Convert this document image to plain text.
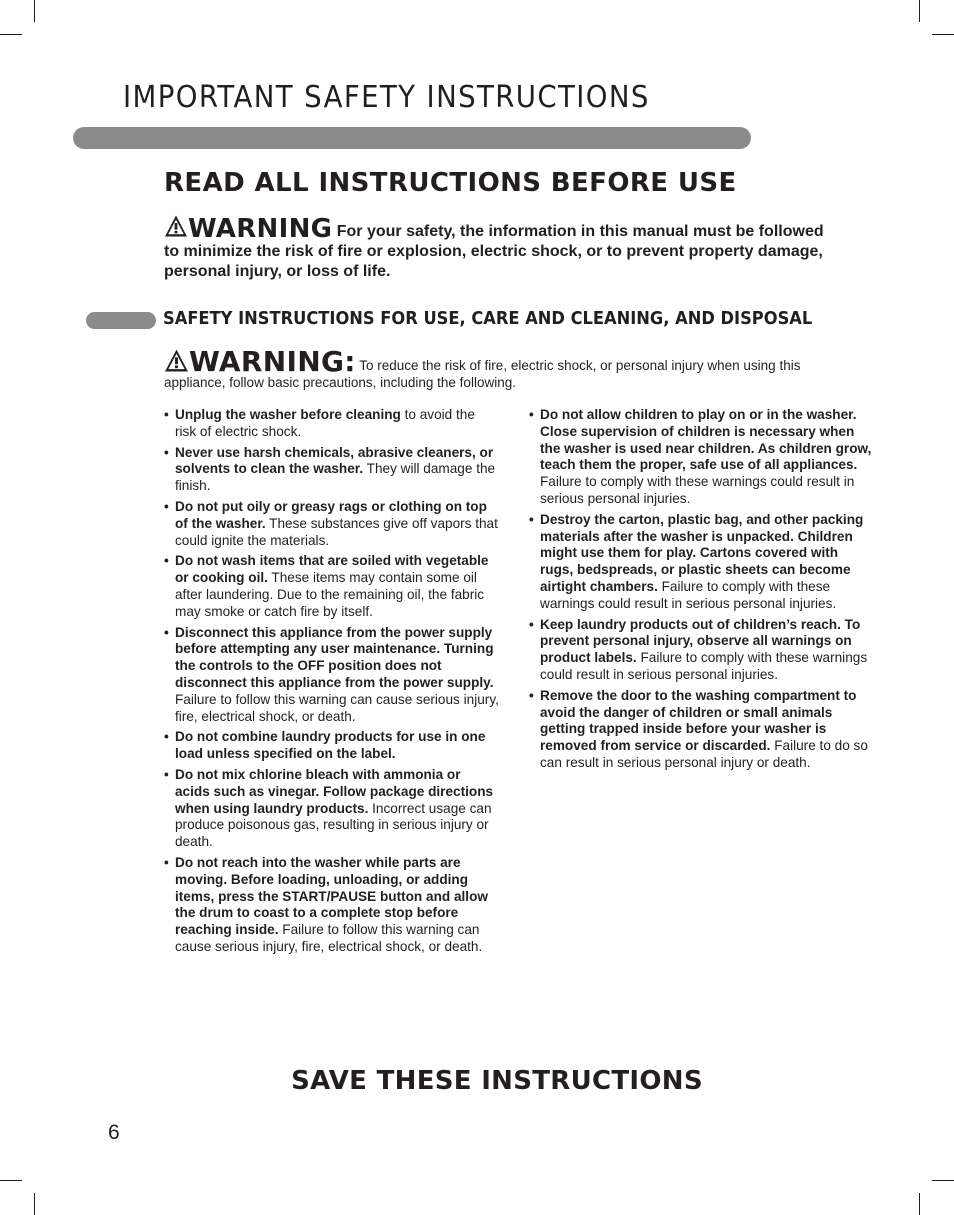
IMPORTANT SAFETY INSTRUCTIONS
READ ALL INSTRUCTIONS BEFORE USE
WARNING For your safety, the information in this manual must be followed to minimize the risk of fire or explosion, electric shock, or to prevent property damage, personal injury, or loss of life.
SAFETY INSTRUCTIONS FOR USE, CARE AND CLEANING, AND DISPOSAL
WARNING: To reduce the risk of fire, electric shock, or personal injury when using this appliance, follow basic precautions, including the following.
• Unplug the washer before cleaning to avoid the risk of electric shock.
• Never use harsh chemicals, abrasive cleaners, or solvents to clean the washer. They will damage the finish.
• Do not put oily or greasy rags or clothing on top of the washer. These substances give off vapors that could ignite the materials.
• Do not wash items that are soiled with vegetable or cooking oil. These items may contain some oil after laundering. Due to the remaining oil, the fabric may smoke or catch fire by itself.
• Disconnect this appliance from the power supply before attempting any user maintenance. Turning the controls to the OFF position does not disconnect this appliance from the power supply. Failure to follow this warning can cause serious injury, fire, electrical shock, or death.
• Do not combine laundry products for use in one load unless specified on the label.
• Do not mix chlorine bleach with ammonia or acids such as vinegar. Follow package directions when using laundry products. Incorrect usage can produce poisonous gas, resulting in serious injury or death.
• Do not reach into the washer while parts are moving. Before loading, unloading, or adding items, press the START/PAUSE button and allow the drum to coast to a complete stop before reaching inside. Failure to follow this warning can cause serious injury, fire, electrical shock, or death.
• Do not allow children to play on or in the washer. Close supervision of children is necessary when the washer is used near children. As children grow, teach them the proper, safe use of all appliances. Failure to comply with these warnings could result in serious personal injuries.
• Destroy the carton, plastic bag, and other packing materials after the washer is unpacked. Children might use them for play. Cartons covered with rugs, bedspreads, or plastic sheets can become airtight chambers. Failure to comply with these warnings could result in serious personal injuries.
• Keep laundry products out of children’s reach. To prevent personal injury, observe all warnings on product labels. Failure to comply with these warnings could result in serious personal injuries.
• Remove the door to the washing compartment to avoid the danger of children or small animals getting trapped inside before your washer is removed from service or discarded. Failure to do so can result in serious personal injury or death.
SAVE THESE INSTRUCTIONS
6
